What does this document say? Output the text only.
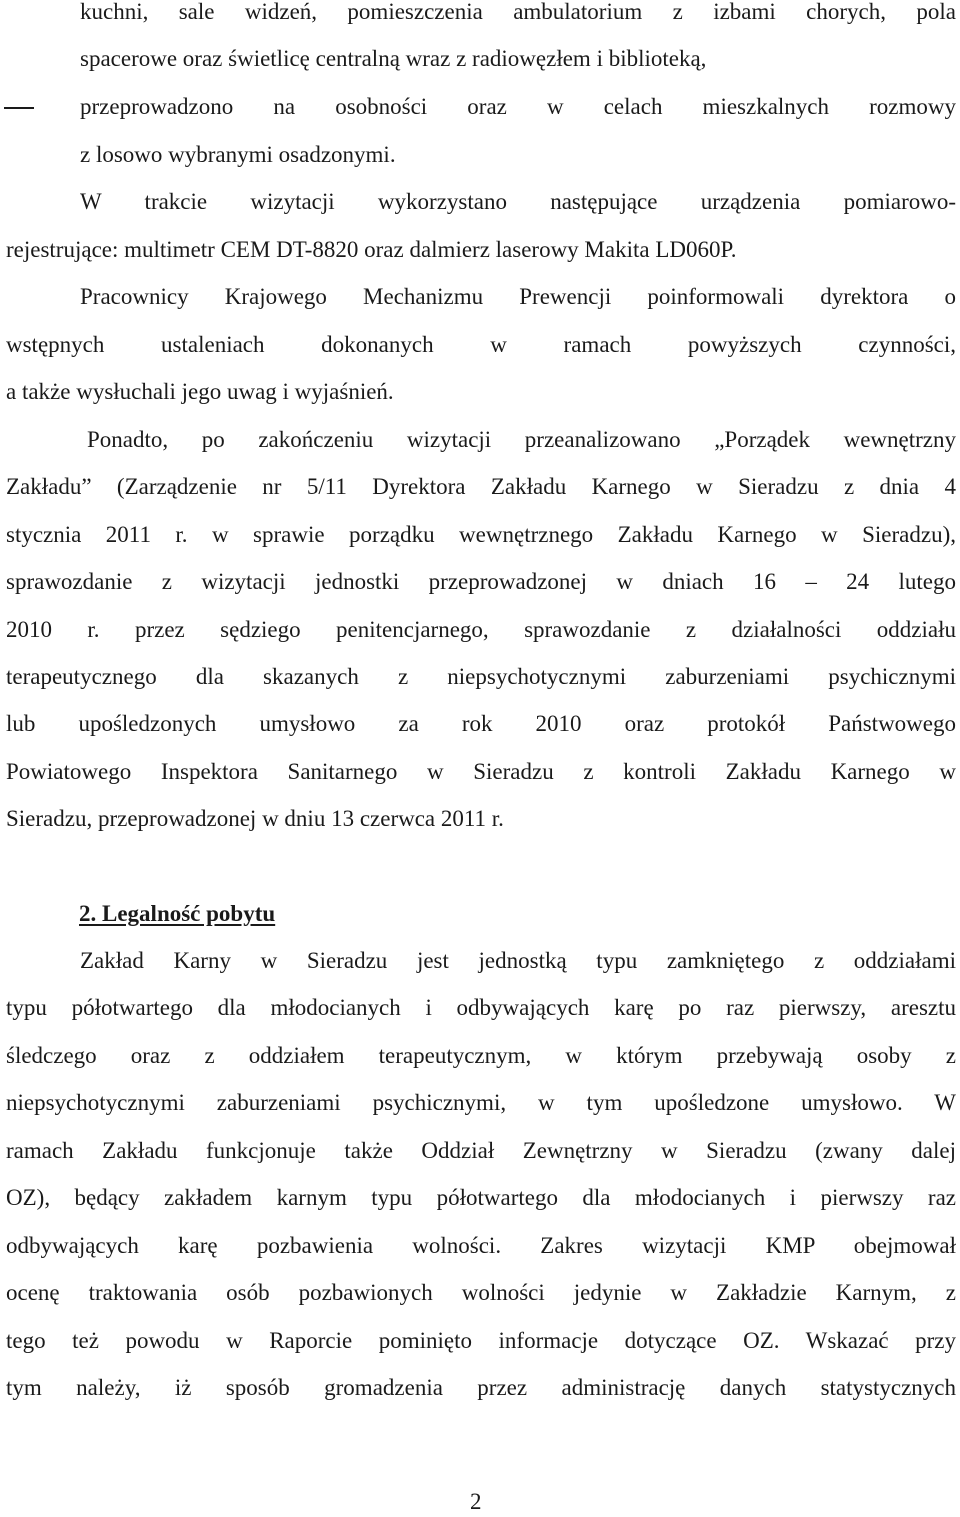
kuchni, sale widzeń, pomieszczenia ambulatorium z izbami chorych, pola
spacerowe oraz świetlicę centralną wraz z radiowęzłem i biblioteką,
przeprowadzono na osobności oraz w celach mieszkalnych rozmowy
z losowo wybranymi osadzonymi.
W trakcie wizytacji wykorzystano następujące urządzenia pomiarowo-
rejestrujące: multimetr CEM DT-8820 oraz dalmierz laserowy Makita LD060P.
Pracownicy Krajowego Mechanizmu Prewencji poinformowali dyrektora o
wstępnych ustaleniach dokonanych w ramach powyższych czynności,
a także wysłuchali jego uwag i wyjaśnień.
Ponadto, po zakończeniu wizytacji przeanalizowano „Porządek wewnętrzny
Zakładu” (Zarządzenie nr 5/11 Dyrektora Zakładu Karnego w Sieradzu z dnia 4
stycznia 2011 r. w sprawie porządku wewnętrznego Zakładu Karnego w Sieradzu),
sprawozdanie z wizytacji jednostki przeprowadzonej w dniach 16 – 24 lutego
2010 r. przez sędziego penitencjarnego, sprawozdanie z działalności oddziału
terapeutycznego dla skazanych z niepsychotycznymi zaburzeniami psychicznymi
lub upośledzonych umysłowo za rok 2010 oraz protokół Państwowego
Powiatowego Inspektora Sanitarnego w Sieradzu z kontroli Zakładu Karnego w
Sieradzu, przeprowadzonej w dniu 13 czerwca 2011 r.
2. Legalność pobytu
Zakład Karny w Sieradzu jest jednostką typu zamkniętego z oddziałami
typu półotwartego dla młodocianych i odbywających karę po raz pierwszy, aresztu
śledczego oraz z oddziałem terapeutycznym, w którym przebywają osoby z
niepsychotycznymi zaburzeniami psychicznymi, w tym upośledzone umysłowo. W
ramach Zakładu funkcjonuje także Oddział Zewnętrzny w Sieradzu (zwany dalej
OZ), będący zakładem karnym typu półotwartego dla młodocianych i pierwszy raz
odbywających karę pozbawienia wolności. Zakres wizytacji KMP obejmował
ocenę traktowania osób pozbawionych wolności jedynie w Zakładzie Karnym, z
tego też powodu w Raporcie pominięto informacje dotyczące OZ. Wskazać przy
tym należy, iż sposób gromadzenia przez administrację danych statystycznych
2
